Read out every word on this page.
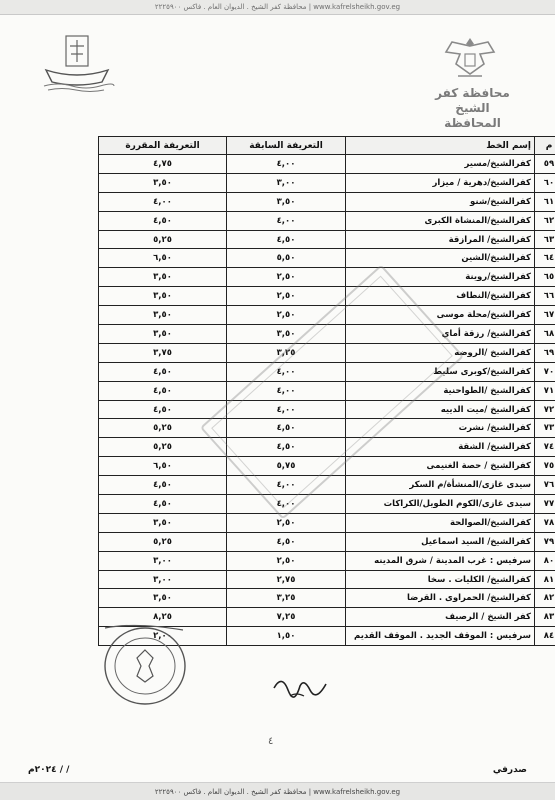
www.kafrelsheikh.gov.eg | محافظة كفر الشيخ . الديوان العام . فاكس ٢٢٢٥٩٠٠
محافظة كفر الشيخ
المحافظة
م	إسم الخط	التعريفة السابقة	التعريفة المقررة
٥٩	كفرالشيخ/مسير	٤,٠٠	٤,٧٥
٦٠	كفرالشيخ/دهرية / ميزار	٣,٠٠	٣,٥٠
٦١	كفرالشيخ/شنو	٣,٥٠	٤,٠٠
٦٢	كفرالشيخ/المنشاة الكبرى	٤,٠٠	٤,٥٠
٦٣	كفرالشيخ/ المرازقة	٤,٥٠	٥,٢٥
٦٤	كفرالشيخ/الشين	٥,٥٠	٦,٥٠
٦٥	كفرالشيخ/روينة	٢,٥٠	٣,٥٠
٦٦	كفرالشيخ/النطاف	٢,٥٠	٣,٥٠
٦٧	كفرالشيخ/محلة موسى	٢,٥٠	٣,٥٠
٦٨	كفرالشيخ/ رزقة أماي	٣,٥٠	٣,٥٠
٦٩	كفرالشيخ /الروضه	٣,٢٥	٣,٧٥
٧٠	كفرالشيخ/كوبرى سليط	٤,٠٠	٤,٥٠
٧١	كفرالشيخ /الطواحنية	٤,٠٠	٤,٥٠
٧٢	كفرالشيخ /ميت الدييه	٤,٠٠	٤,٥٠
٧٣	كفرالشيخ/ نشرت	٤,٥٠	٥,٢٥
٧٤	كفرالشيخ/ الشقة	٤,٥٠	٥,٢٥
٧٥	كفرالشيخ / حصة الغنيمى	٥,٧٥	٦,٥٠
٧٦	سيدى غازى/المنشأة/م السكر	٤,٠٠	٤,٥٠
٧٧	سيدى غازى/الكوم الطويل/الكراكات	٤,٠٠	٤,٥٠
٧٨	كفرالشيخ/الصوالحة	٢,٥٠	٣,٥٠
٧٩	كفرالشيخ/ السيد اسماعيل	٤,٥٠	٥,٢٥
٨٠	سرفيس : غرب المدينة / شرق المدينه	٢,٥٠	٣,٠٠
٨١	كفرالشيخ/ الكليات . سخا	٢,٧٥	٣,٠٠
٨٢	كفرالشيخ/ الحمراوى . القرضا	٣,٢٥	٣,٥٠
٨٣	كفر الشيخ / الرصيف	٧,٢٥	٨,٢٥
٨٤	سرفيس : الموقف الجديد . الموقف القديم	١,٥٠	٢,٠٠
٤
صدرفي
/ / ٢٠٢٤م
www.kafrelsheikh.gov.eg | محافظة كفر الشيخ . الديوان العام . فاكس ٢٢٢٥٩٠٠
